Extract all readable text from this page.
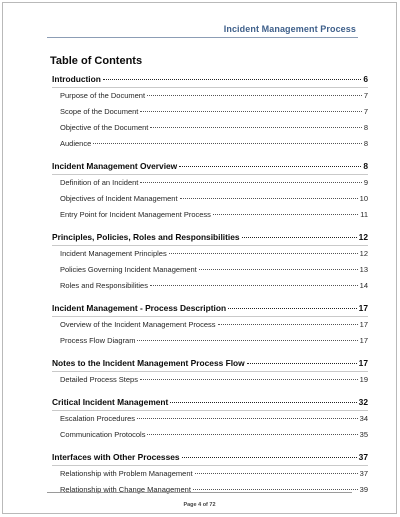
Incident Management Process
Table of Contents
Introduction	6
Purpose of the Document	7
Scope of the Document	7
Objective of the Document	8
Audience	8
Incident Management Overview	8
Definition of an Incident	9
Objectives of Incident Management	10
Entry Point for Incident Management Process	11
Principles, Policies, Roles and Responsibilities	12
Incident Management Principles	12
Policies Governing Incident Management	13
Roles and Responsibilities	14
Incident Management - Process Description	17
Overview of the Incident Management Process	17
Process Flow Diagram	17
Notes to the Incident Management Process Flow	17
Detailed Process Steps	19
Critical Incident Management	32
Escalation Procedures	34
Communication Protocols	35
Interfaces with Other Processes	37
Relationship with Problem Management	37
Relationship with Change Management	39
Page 4 of 72
